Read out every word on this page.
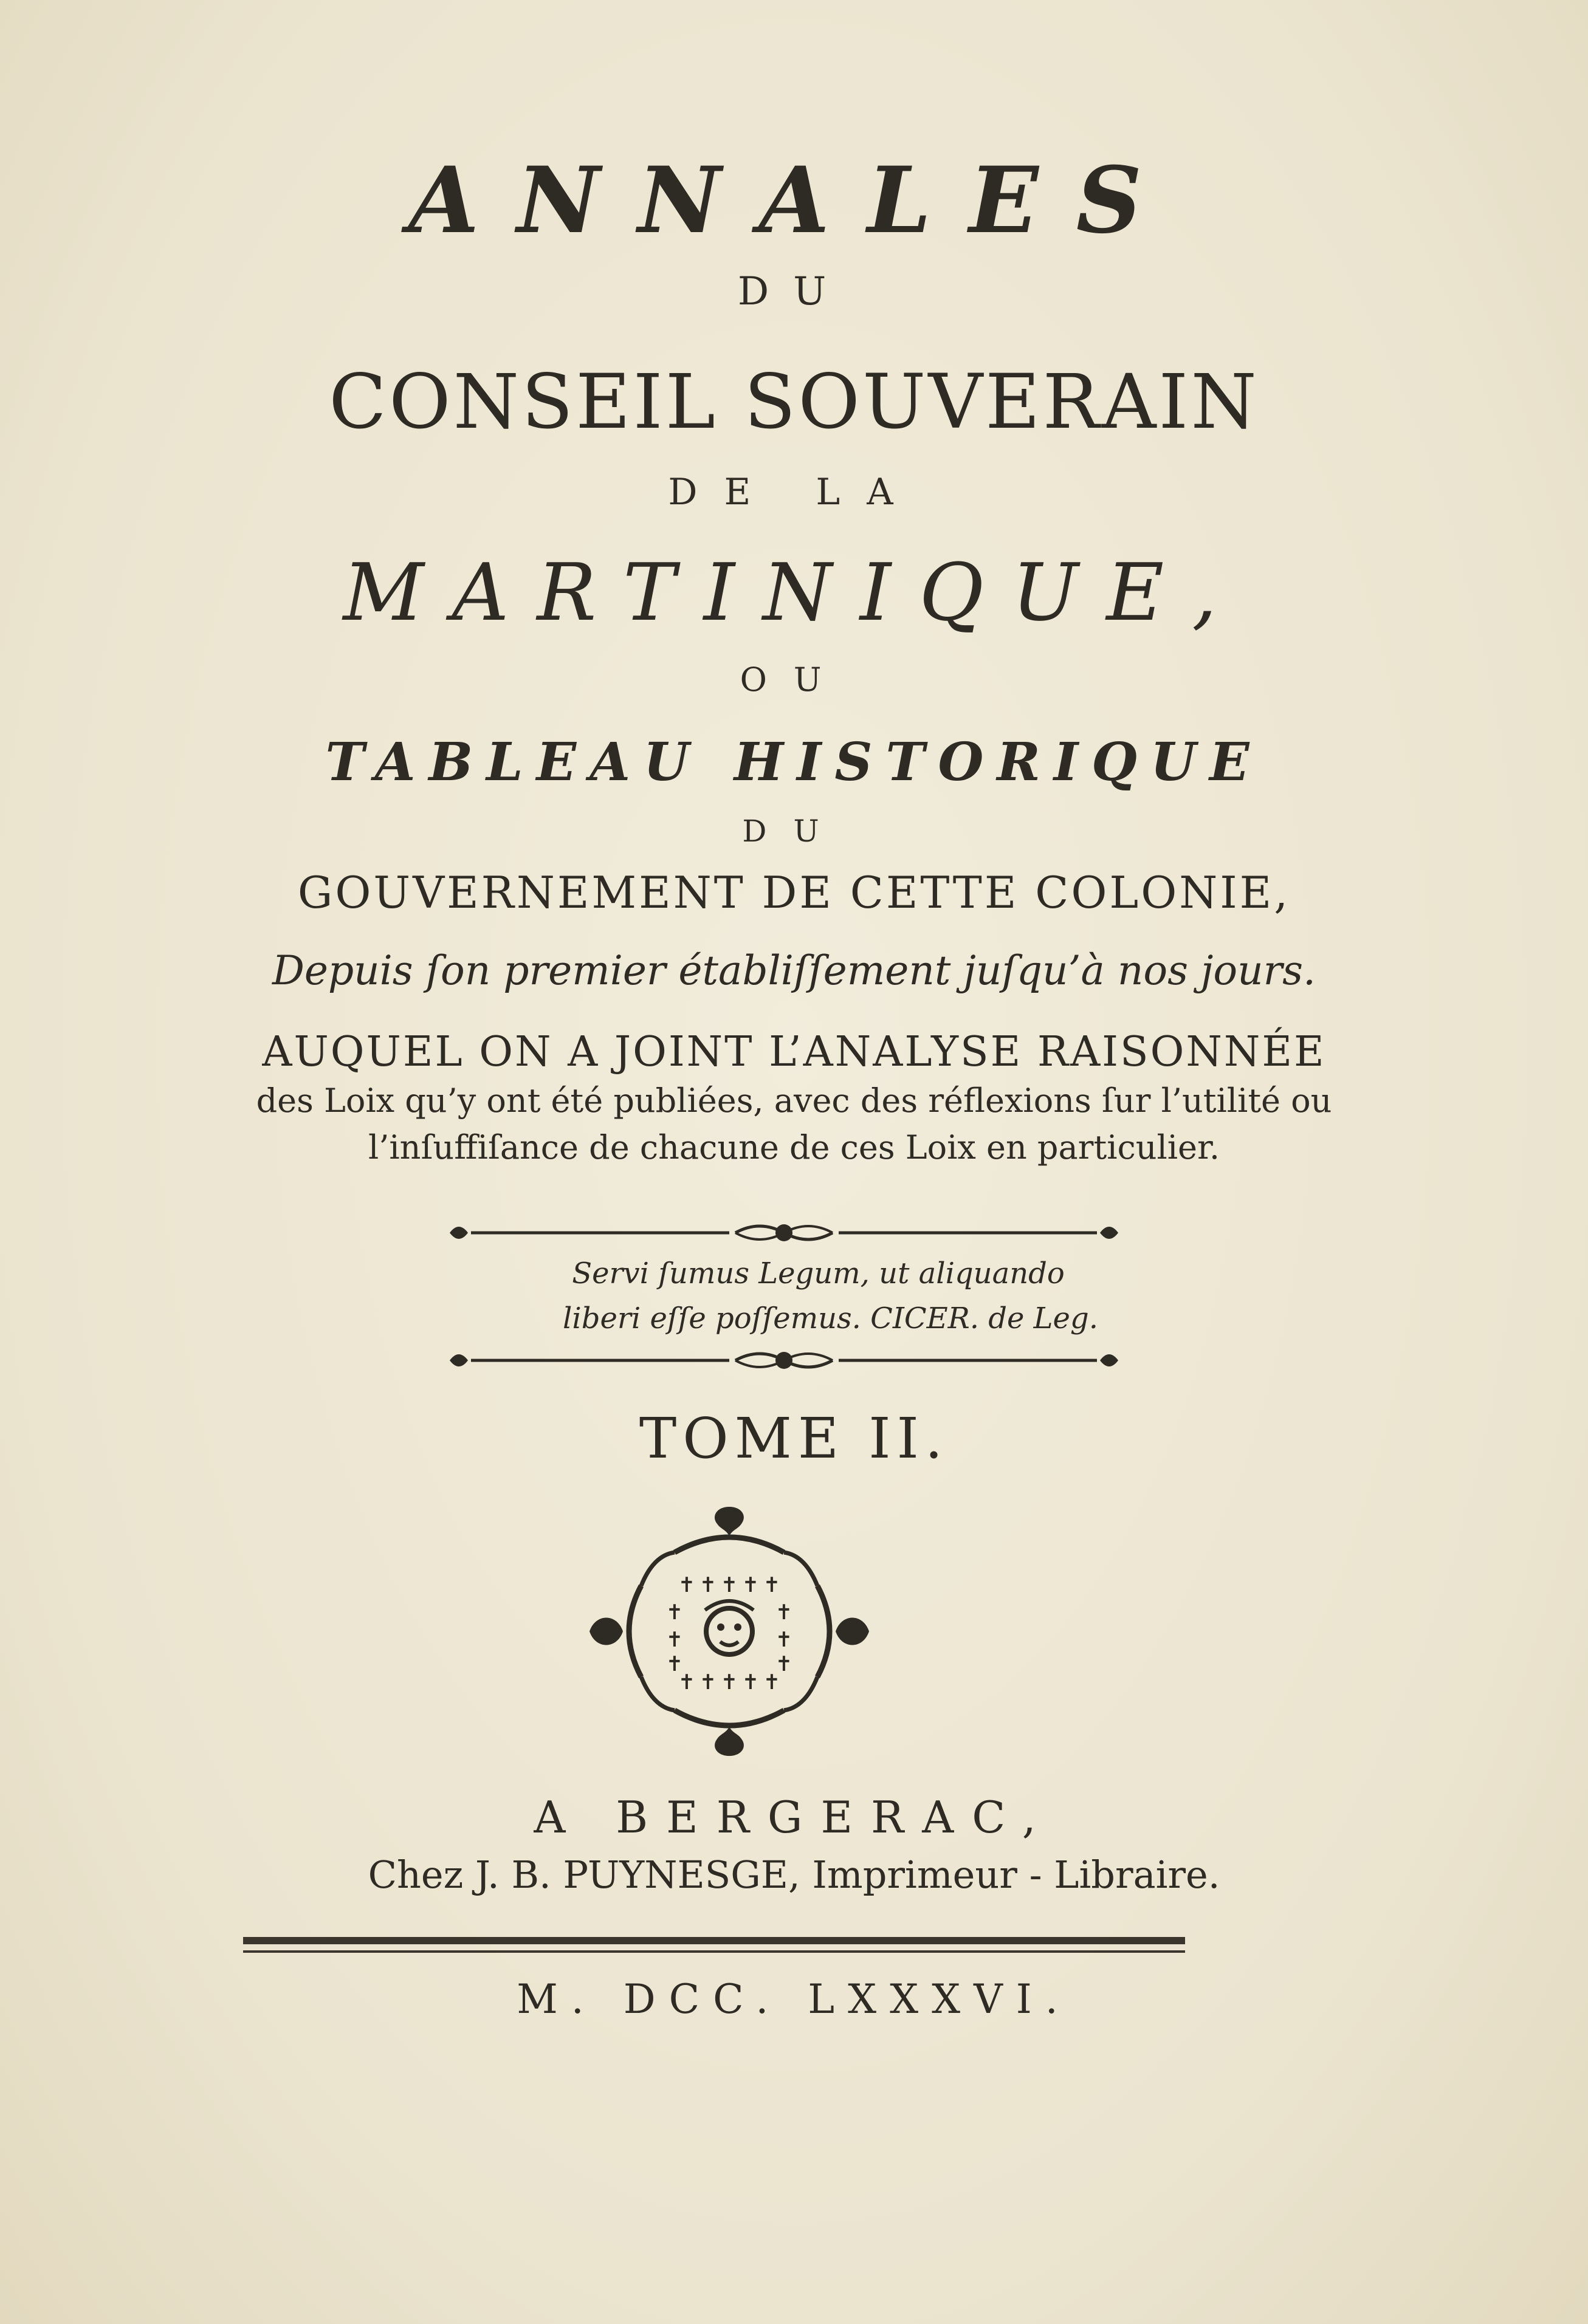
ANNALES
DU
CONSEIL SOUVERAIN
DE LA
MARTINIQUE,
OU
TABLEAU HISTORIQUE
DU
GOUVERNEMENT DE CETTE COLONIE,
Depuis ſon premier établiſſement juſqu’à nos jours.
AUQUEL ON A JOINT L’ANALYSE RAISONNÉE
des Loix qu’y ont été publiées, avec des réflexions ſur l’utilité ou
l’inſuffiſance de chacune de ces Loix en particulier.
Servi ſumus Legum, ut aliquando
liberi eſſe poſſemus. CICER. de Leg.
TOME II.
✝ ✝ ✝ ✝ ✝
✝ ✝ ✝ ✝ ✝
✝
✝
✝
✝
✝
✝
A BERGERAC,
Chez J. B. PUYNESGE, Imprimeur - Libraire.
M. DCC. LXXXVI.
